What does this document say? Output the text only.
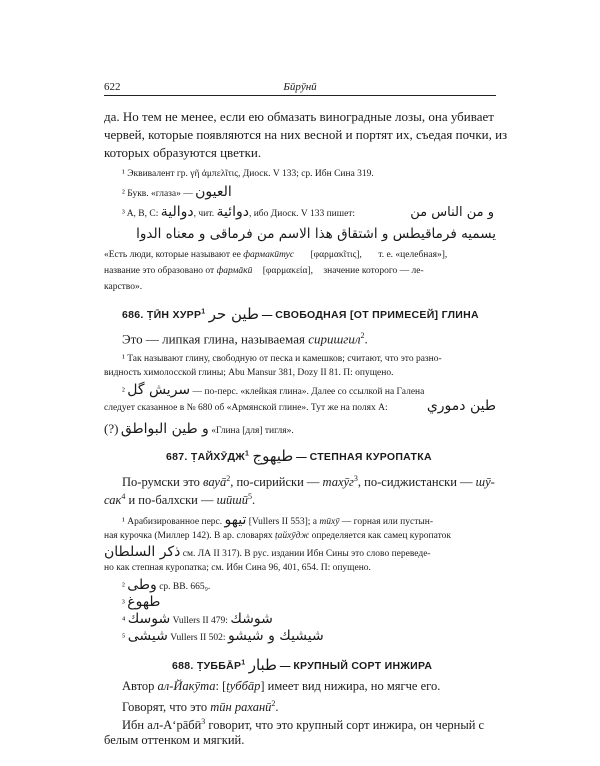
622	Бӣрӯнӣ
да. Но тем не менее, если ею обмазать виноградные лозы, она убивает
червей, которые появляются на них весной и портят их, съедая почки, из
которых образуются цветки.
¹ Эквивалент гр. γῆ ἀμπελῖτις, Диоск. V 133; ср. Ибн Сина 319.
² Букв. «глаза» — العيون
³ A, B, C: دوالية, чит. دوائية, ибо Диоск. V 133 пишет:	و من الناس من
يسميه فرماقيطس و اشتقاق هذا الاسم من فرماقى و معناه الدوا
«Есть люди, которые называют ее фармакӣтус [φαρμακῖτις], т. е. «целебная»],
название это образовано от фармāкӣ [φαρμακεία], значение которого — ле-
карство».
686. ṬӢН ХУРР$^1$ طين حر — СВОБОДНАЯ [ОТ ПРИМЕСЕЙ] ГЛИНА
Это — липкая глина, называемая сиришгил$^2$.
¹ Так называют глину, свободную от песка и камешков; считают, что это разно-
видность химолосской глины; Abu Mansur 381, Dozy II 81. П: опущено.
² سريش گل — по-перс. «клейкая глина». Далее со ссылкой на Галена
следует сказанное в № 680 об «Армянской глине». Тут же на полях A:	طين دموري
(?) و طين البواطق «Глина [для] тигля».
687. ṬАЙХӮДЖ$^1$ طيهوج — СТЕПНАЯ КУРОПАТКА
По-румски это вауā$^2$, по-сирийски — тахӯг$^3$, по-сиджистански — шӯ-
сак$^4$ и по-балхски — шӣшӣ$^5$.
¹ Арабизированное перс. تيهو [Vullers II 553]; а тӣхӯ — горная или пустын-
ная курочка (Миллер 142). В ар. словарях ṭайхӯдж определяется как самец куропаток
ذكر السلطان см. ЛА II 317). В рус. издании Ибн Сины это слово переведе-
но как степная куропатка; см. Ибн Сина 96, 401, 654. П: опущено.
² وطى ср. ВВ. 665₉.
³ طهوغ
⁴ شوسك Vullers II 479: شوشك
⁵ شيشى Vullers II 502: شيشيك و شيشو
688. ṬУББĀР$^1$ طبار — КРУПНЫЙ СОРТ ИНЖИРА
Автор ал-Йакӯта: [ṭуббāр] имеет вид нижира, но мягче его.
Говорят, что это тӣн раханӣ$^2$.
Ибн ал-А‘рāбӣ$^3$ говорит, что это крупный сорт инжира, он черный с
белым оттенком и мягкий.
